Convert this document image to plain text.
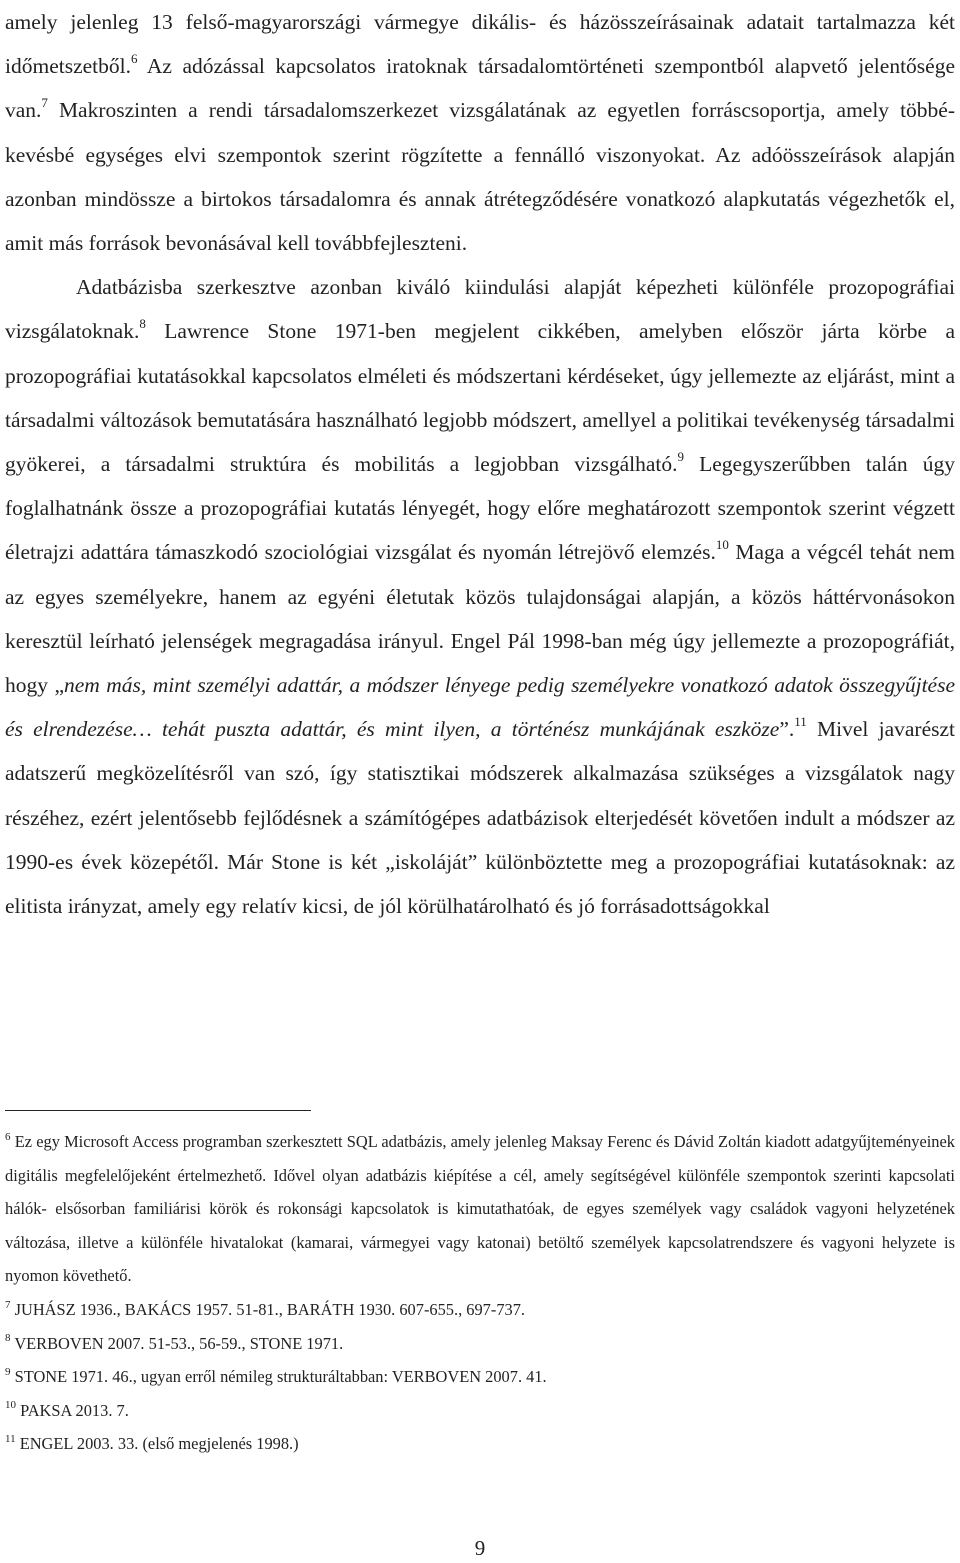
amely jelenleg 13 felső-magyarországi vármegye dikális- és házösszeírásainak adatait tartalmazza két időmetszetből.$^6$ Az adózással kapcsolatos iratoknak társadalomtörténeti szempontból alapvető jelentősége van.$^7$ Makroszinten a rendi társadalomszerkezet vizsgálatának az egyetlen forráscsoportja, amely többé-kevésbé egységes elvi szempontok szerint rögzítette a fennálló viszonyokat. Az adóösszeírások alapján azonban mindössze a birtokos társadalomra és annak átrétegződésére vonatkozó alapkutatás végezhetők el, amit más források bevonásával kell továbbfejleszteni.

Adatbázisba szerkesztve azonban kiváló kiindulási alapját képezheti különféle prozopográfiai vizsgálatoknak.$^8$ Lawrence Stone 1971-ben megjelent cikkében, amelyben először járta körbe a prozopográfiai kutatásokkal kapcsolatos elméleti és módszertani kérdéseket, úgy jellemezte az eljárást, mint a társadalmi változások bemutatására használható legjobb módszert, amellyel a politikai tevékenység társadalmi gyökerei, a társadalmi struktúra és mobilitás a legjobban vizsgálható.$^9$ Legegyszerűbben talán úgy foglalhatnánk össze a prozopográfiai kutatás lényegét, hogy előre meghatározott szempontok szerint végzett életrajzi adattára támaszkodó szociológiai vizsgálat és nyomán létrejövő elemzés.$^{10}$ Maga a végcél tehát nem az egyes személyekre, hanem az egyéni életutak közös tulajdonságai alapján, a közös háttérvonásokon keresztül leírható jelenségek megragadása irányul. Engel Pál 1998-ban még úgy jellemezte a prozopográfiát, hogy „nem más, mint személyi adattár, a módszer lényege pedig személyekre vonatkozó adatok összegyűjtése és elrendezése… tehát puszta adattár, és mint ilyen, a történész munkájának eszköze”.$^{11}$ Mivel javarészt adatszerű megközelítésről van szó, így statisztikai módszerek alkalmazása szükséges a vizsgálatok nagy részéhez, ezért jelentősebb fejlődésnek a számítógépes adatbázisok elterjedését követően indult a módszer az 1990-es évek közepétől. Már Stone is két „iskoláját” különböztette meg a prozopográfiai kutatásoknak: az elitista irányzat, amely egy relatív kicsi, de jól körülhatárolható és jó forrásadottságokkal

$^6$ Ez egy Microsoft Access programban szerkesztett SQL adatbázis, amely jelenleg Maksay Ferenc és Dávid Zoltán kiadott adatgyűjteményeinek digitális megfelelőjeként értelmezhető. Idővel olyan adatbázis kiépítése a cél, amely segítségével különféle szempontok szerinti kapcsolati hálók- elsősorban familiárisi körök és rokonsági kapcsolatok is kimutathatóak, de egyes személyek vagy családok vagyoni helyzetének változása, illetve a különféle hivatalokat (kamarai, vármegyei vagy katonai) betöltő személyek kapcsolatrendszere és vagyoni helyzete is nyomon követhető.

$^7$ JUHÁSZ 1936., BAKÁCS 1957. 51-81., BARÁTH 1930. 607-655., 697-737.

$^8$ VERBOVEN 2007. 51-53., 56-59., STONE 1971.

$^9$ STONE 1971. 46., ugyan erről némileg strukturáltabban: VERBOVEN 2007. 41.

$^{10}$ PAKSA 2013. 7.

$^{11}$ ENGEL 2003. 33. (első megjelenés 1998.)

9
